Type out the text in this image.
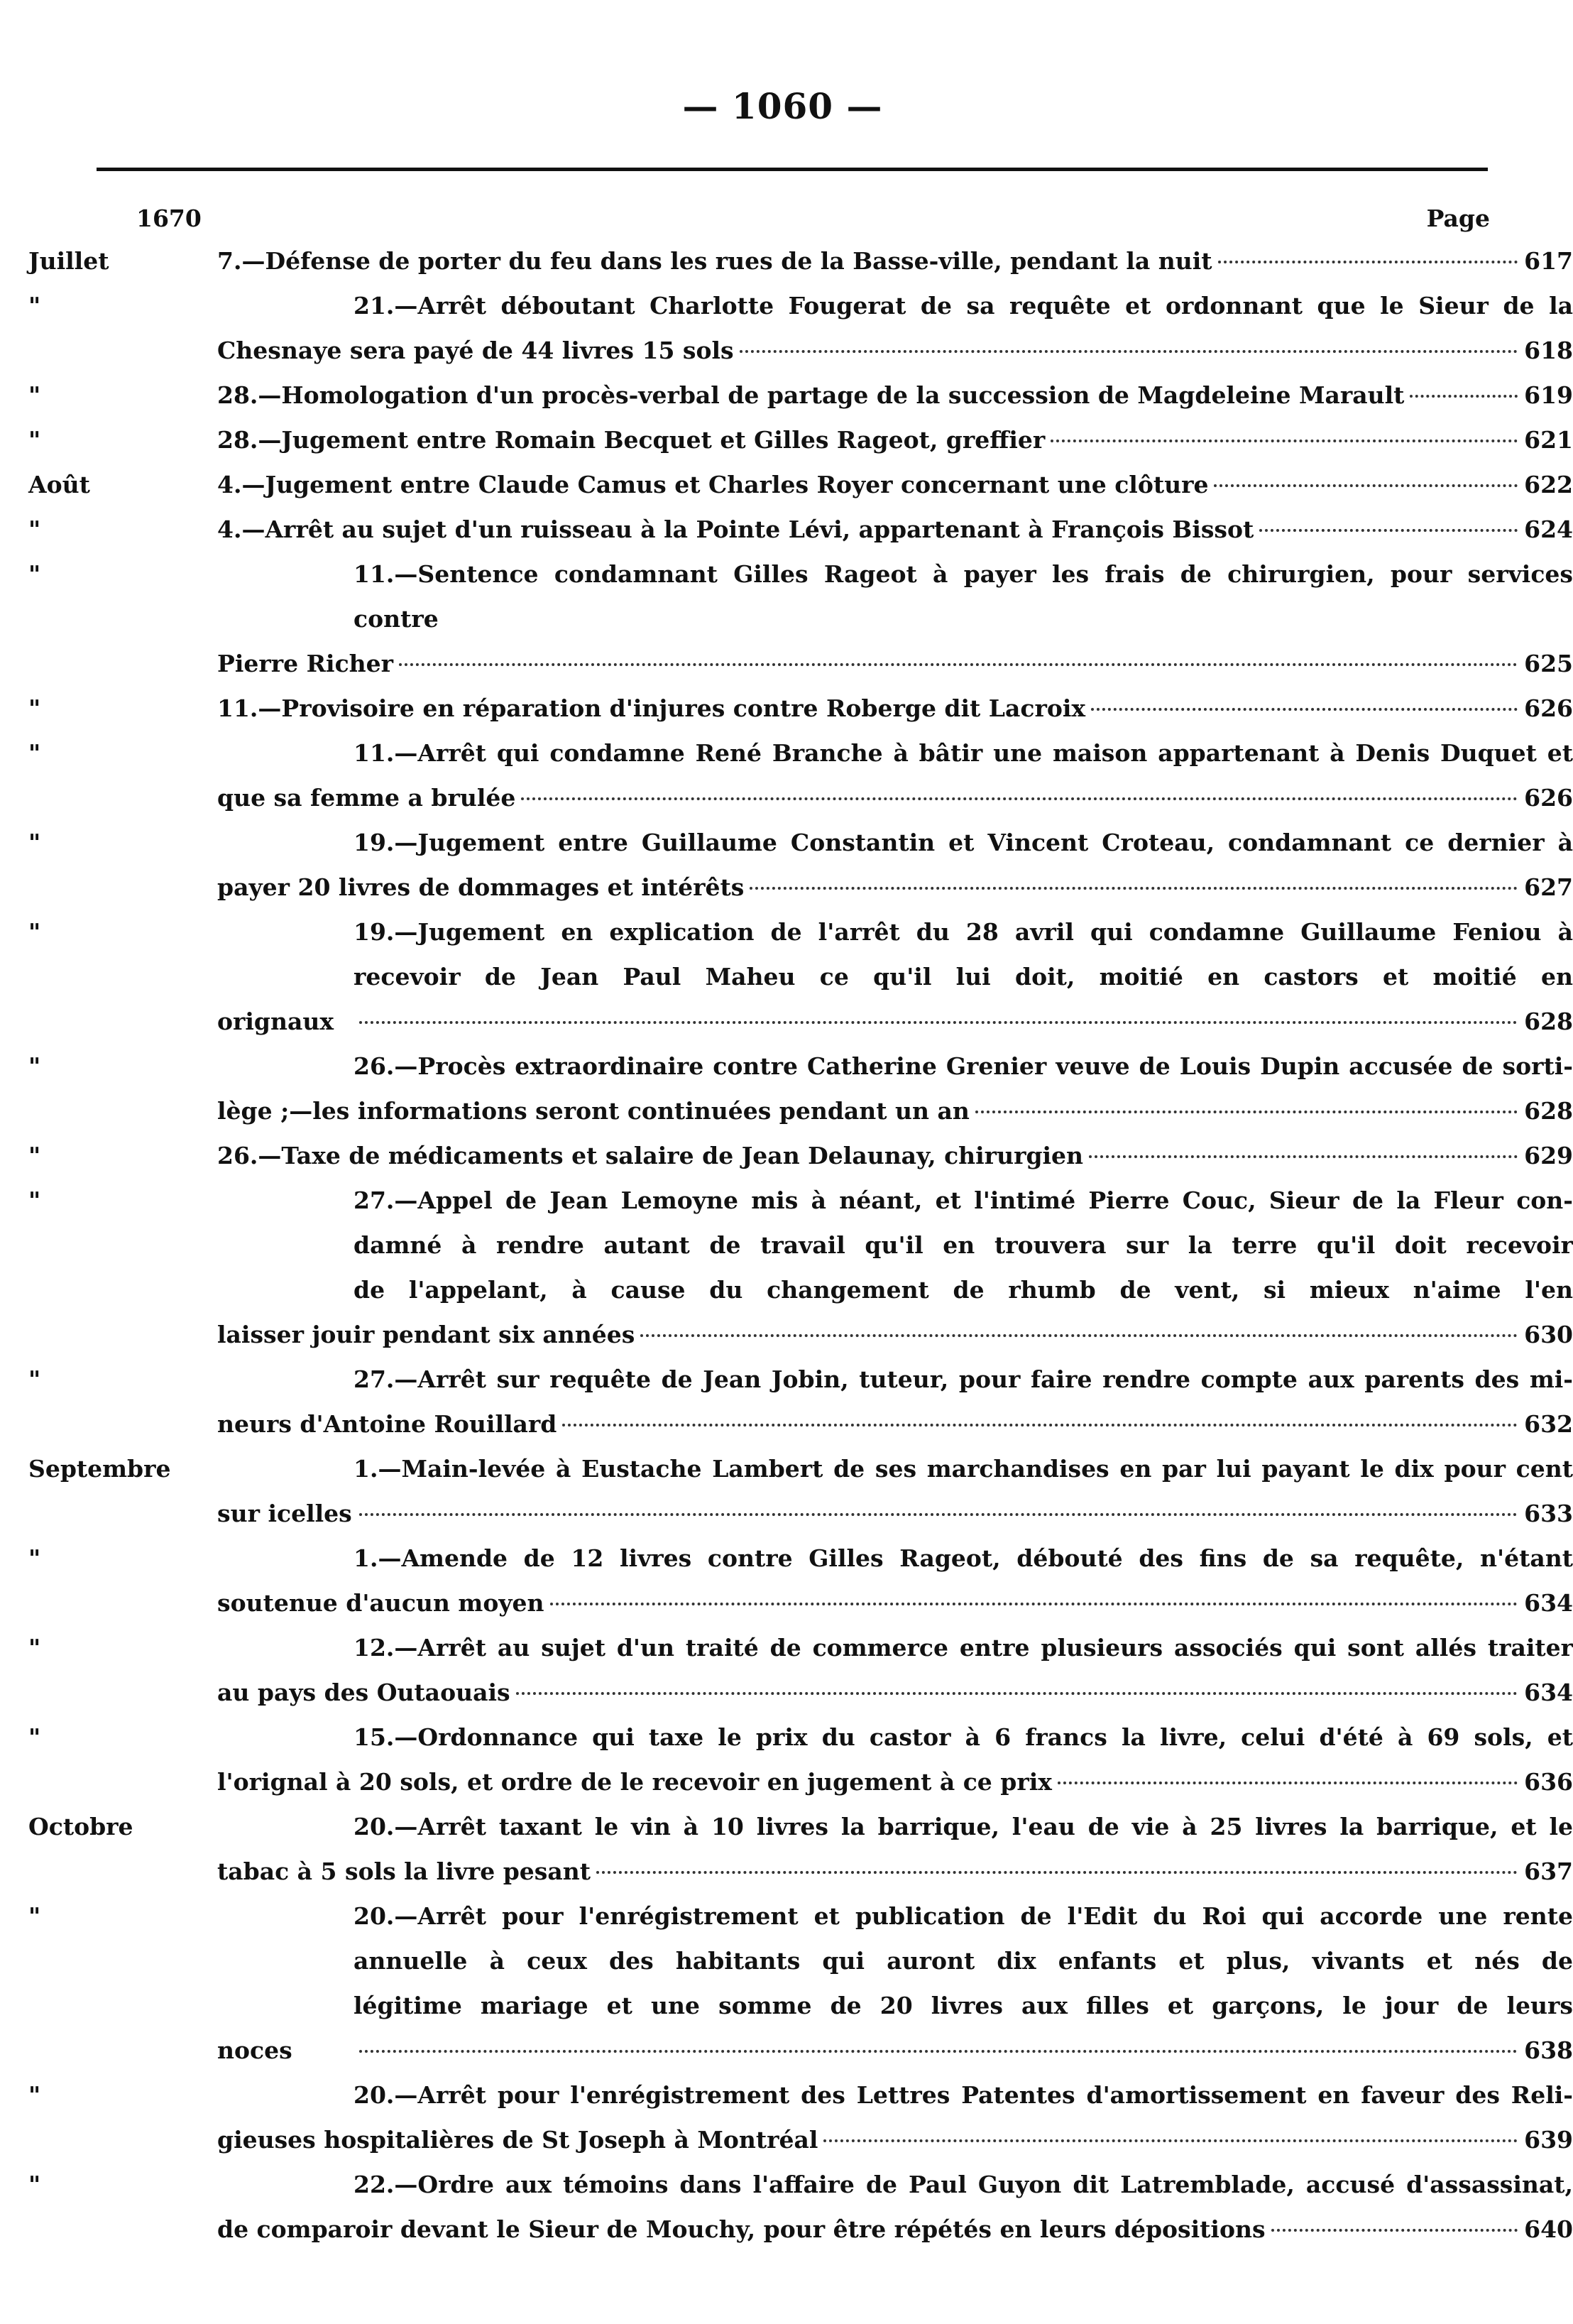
— 1060 —
1670	Page
Juillet	7.—Défense de porter du feu dans les rues de la Basse-ville, pendant la nuit	617
"	21.—Arrêt déboutant Charlotte Fougerat de sa requête et ordonnant que le Sieur de la
Chesnaye sera payé de 44 livres 15 sols	618
"	28.—Homologation d'un procès-verbal de partage de la succession de Magdeleine Marault	619
"	28.—Jugement entre Romain Becquet et Gilles Rageot, greffier	621
Août	4.—Jugement entre Claude Camus et Charles Royer concernant une clôture	622
"	4.—Arrêt au sujet d'un ruisseau à la Pointe Lévi, appartenant à François Bissot	624
"	11.—Sentence condamnant Gilles Rageot à payer les frais de chirurgien, pour services contre
Pierre Richer	625
"	11.—Provisoire en réparation d'injures contre Roberge dit Lacroix	626
"	11.—Arrêt qui condamne René Branche à bâtir une maison appartenant à Denis Duquet et
que sa femme a brulée	626
"	19.—Jugement entre Guillaume Constantin et Vincent Croteau, condamnant ce dernier à
payer 20 livres de dommages et intérêts	627
"	19.—Jugement en explication de l'arrêt du 28 avril qui condamne Guillaume Feniou à
recevoir de Jean Paul Maheu ce qu'il lui doit, moitié en castors et moitié en
orignaux	628
"	26.—Procès extraordinaire contre Catherine Grenier veuve de Louis Dupin accusée de sorti-
lège ;—les informations seront continuées pendant un an	628
"	26.—Taxe de médicaments et salaire de Jean Delaunay, chirurgien	629
"	27.—Appel de Jean Lemoyne mis à néant, et l'intimé Pierre Couc, Sieur de la Fleur con-
damné à rendre autant de travail qu'il en trouvera sur la terre qu'il doit recevoir
de l'appelant, à cause du changement de rhumb de vent, si mieux n'aime l'en
laisser jouir pendant six années	630
"	27.—Arrêt sur requête de Jean Jobin, tuteur, pour faire rendre compte aux parents des mi-
neurs d'Antoine Rouillard	632
Septembre	1.—Main-levée à Eustache Lambert de ses marchandises en par lui payant le dix pour cent
sur icelles	633
"	1.—Amende de 12 livres contre Gilles Rageot, débouté des fins de sa requête, n'étant
soutenue d'aucun moyen	634
"	12.—Arrêt au sujet d'un traité de commerce entre plusieurs associés qui sont allés traiter
au pays des Outaouais	634
"	15.—Ordonnance qui taxe le prix du castor à 6 francs la livre, celui d'été à 69 sols, et
l'orignal à 20 sols, et ordre de le recevoir en jugement à ce prix	636
Octobre	20.—Arrêt taxant le vin à 10 livres la barrique, l'eau de vie à 25 livres la barrique, et le
tabac à 5 sols la livre pesant	637
"	20.—Arrêt pour l'enrégistrement et publication de l'Edit du Roi qui accorde une rente
annuelle à ceux des habitants qui auront dix enfants et plus, vivants et nés de
légitime mariage et une somme de 20 livres aux filles et garçons, le jour de leurs
noces	638
"	20.—Arrêt pour l'enrégistrement des Lettres Patentes d'amortissement en faveur des Reli-
gieuses hospitalières de St Joseph à Montréal	639
"	22.—Ordre aux témoins dans l'affaire de Paul Guyon dit Latremblade, accusé d'assassinat,
de comparoir devant le Sieur de Mouchy, pour être répétés en leurs dépositions	640
